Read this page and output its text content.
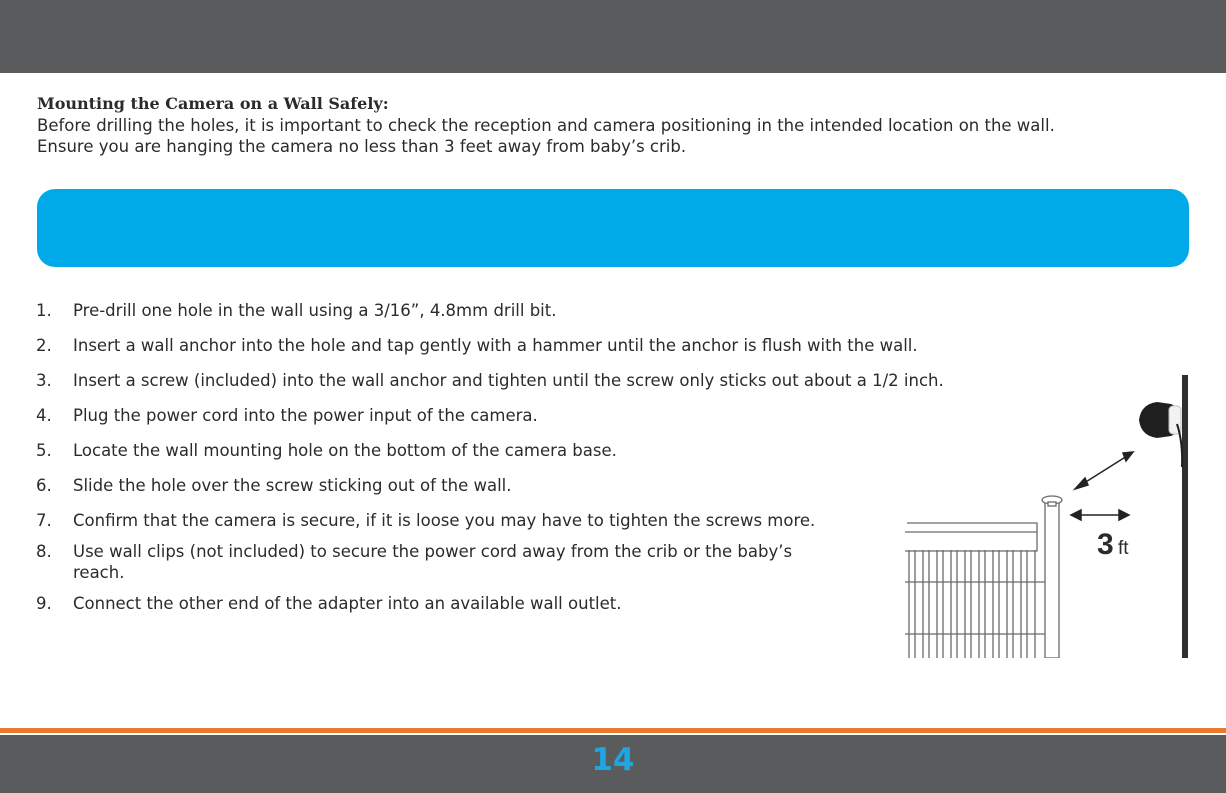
Mounting the Camera on a Wall Safely:
Before drilling the holes, it is important to check the reception and camera positioning in the intended location on the wall.
Ensure you are hanging the camera no less than 3 feet away from baby’s crib.
1. Pre-drill one hole in the wall using a 3/16”, 4.8mm drill bit.
2. Insert a wall anchor into the hole and tap gently with a hammer until the anchor is flush with the wall.
3. Insert a screw (included) into the wall anchor and tighten until the screw only sticks out about a 1/2 inch.
4. Plug the power cord into the power input of the camera.
5. Locate the wall mounting hole on the bottom of the camera base.
6. Slide the hole over the screw sticking out of the wall.
7. Confirm that the camera is secure, if it is loose you may have to tighten the screws more.
8. Use wall clips (not included) to secure the power cord away from the crib or the baby’s reach.
9. Connect the other end of the adapter into an available wall outlet.
3 ft
14
